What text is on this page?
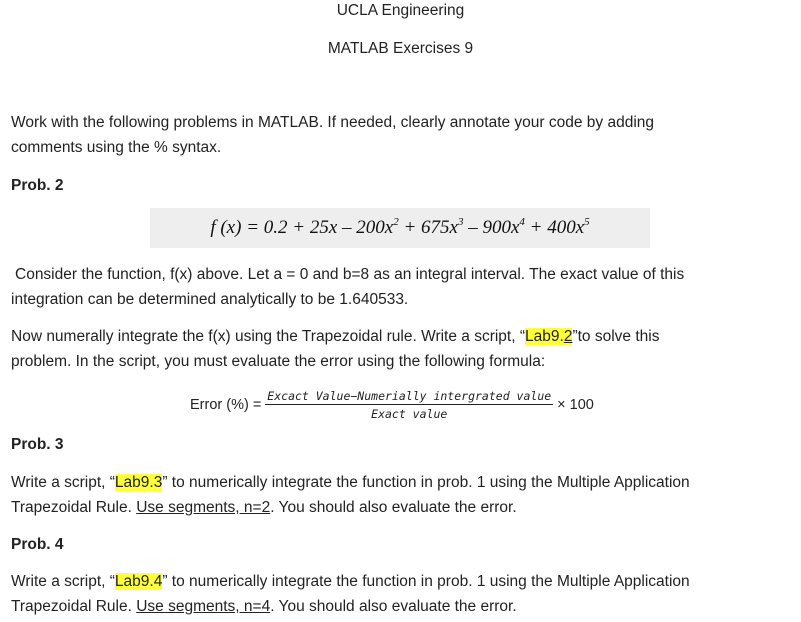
UCLA Engineering
MATLAB Exercises 9
Work with the following problems in MATLAB. If needed, clearly annotate your code by adding
comments using the % syntax.
Prob. 2
f $(x) = 0.2 + 25x - 200x^2 + 675x^3 - 900x^4 + 400x^5$
Consider the function, f(x) above. Let a = 0 and b=8 as an integral interval. The exact value of this
integration can be determined analytically to be 1.640533.
Now numerally integrate the f(x) using the Trapezoidal rule. Write a script, “Lab9.2”to solve this
problem. In the script, you must evaluate the error using the following formula:
Error (%) = $\frac{\text{Excact Value−Numerially intergrated value}}{\text{Exact value}} \times 100$
Prob. 3
Write a script, “Lab9.3” to numerically integrate the function in prob. 1 using the Multiple Application
Trapezoidal Rule. Use segments, n=2. You should also evaluate the error.
Prob. 4
Write a script, “Lab9.4” to numerically integrate the function in prob. 1 using the Multiple Application
Trapezoidal Rule. Use segments, n=4. You should also evaluate the error.
